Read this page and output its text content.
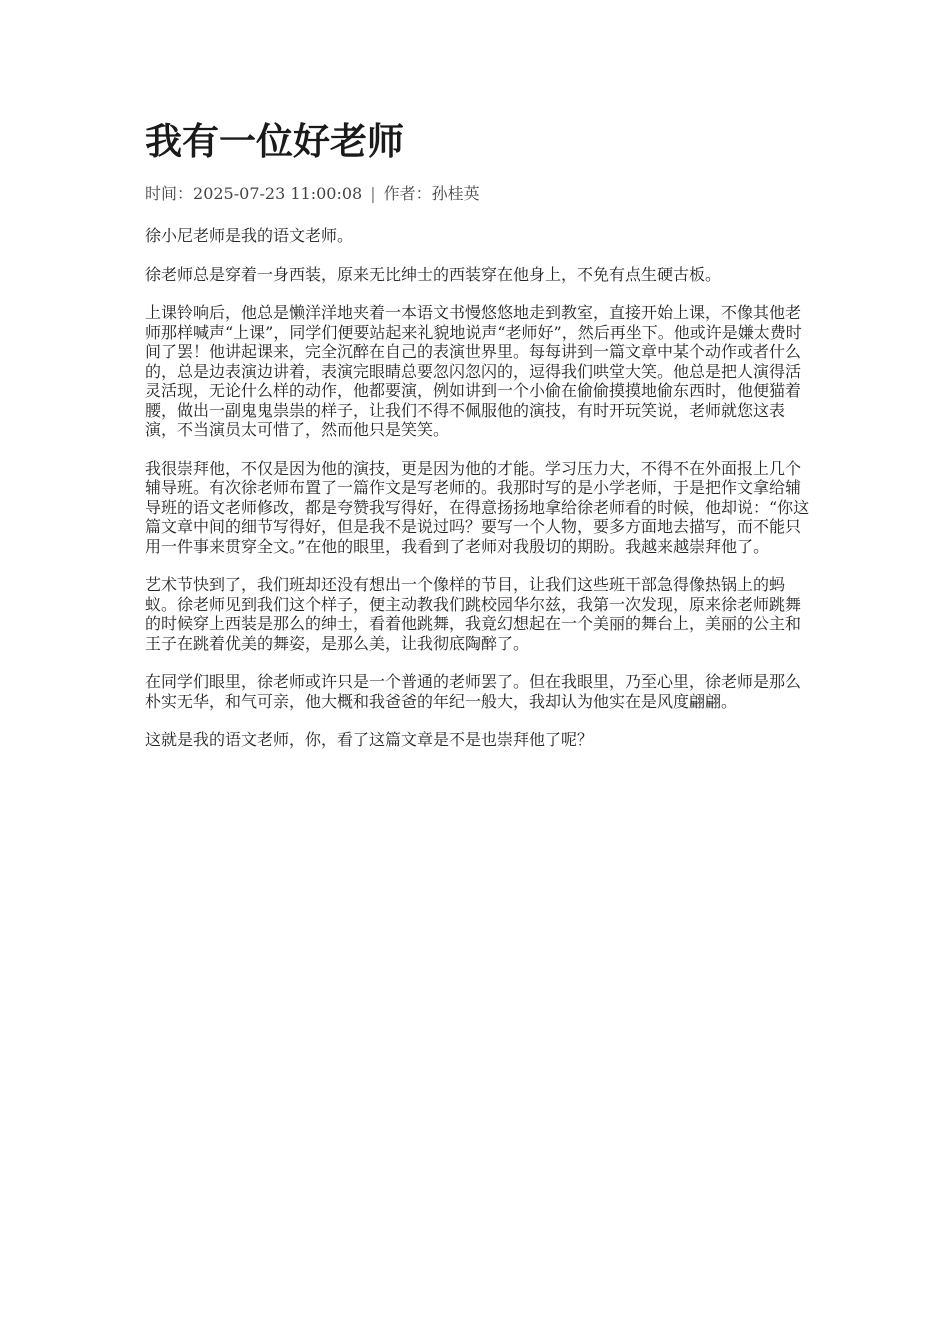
我有一位好老师
时间：2025-07-23 11:00:08 | 作者：孙桂英

徐小尼老师是我的语文老师。

徐老师总是穿着一身西装，原来无比绅士的西装穿在他身上，不免有点生硬古板。

上课铃响后，他总是懒洋洋地夹着一本语文书慢悠悠地走到教室，直接开始上课，不像其他老师那样喊声“上课”，同学们便要站起来礼貌地说声“老师好”，然后再坐下。他或许是嫌太费时间了罢！他讲起课来，完全沉醉在自己的表演世界里。每每讲到一篇文章中某个动作或者什么的，总是边表演边讲着，表演完眼睛总要忽闪忽闪的，逗得我们哄堂大笑。他总是把人演得活灵活现，无论什么样的动作，他都要演，例如讲到一个小偷在偷偷摸摸地偷东西时，他便猫着腰，做出一副鬼鬼祟祟的样子，让我们不得不佩服他的演技，有时开玩笑说，老师就您这表演，不当演员太可惜了，然而他只是笑笑。

我很崇拜他，不仅是因为他的演技，更是因为他的才能。学习压力大，不得不在外面报上几个辅导班。有次徐老师布置了一篇作文是写老师的。我那时写的是小学老师，于是把作文拿给辅导班的语文老师修改，都是夸赞我写得好，在得意扬扬地拿给徐老师看的时候，他却说：“你这篇文章中间的细节写得好，但是我不是说过吗？要写一个人物，要多方面地去描写，而不能只用一件事来贯穿全文。”在他的眼里，我看到了老师对我殷切的期盼。我越来越崇拜他了。

艺术节快到了，我们班却还没有想出一个像样的节目，让我们这些班干部急得像热锅上的蚂蚁。徐老师见到我们这个样子，便主动教我们跳校园华尔兹，我第一次发现，原来徐老师跳舞的时候穿上西装是那么的绅士，看着他跳舞，我竟幻想起在一个美丽的舞台上，美丽的公主和王子在跳着优美的舞姿，是那么美，让我彻底陶醉了。

在同学们眼里，徐老师或许只是一个普通的老师罢了。但在我眼里，乃至心里，徐老师是那么朴实无华，和气可亲，他大概和我爸爸的年纪一般大，我却认为他实在是风度翩翩。

这就是我的语文老师，你，看了这篇文章是不是也崇拜他了呢？
